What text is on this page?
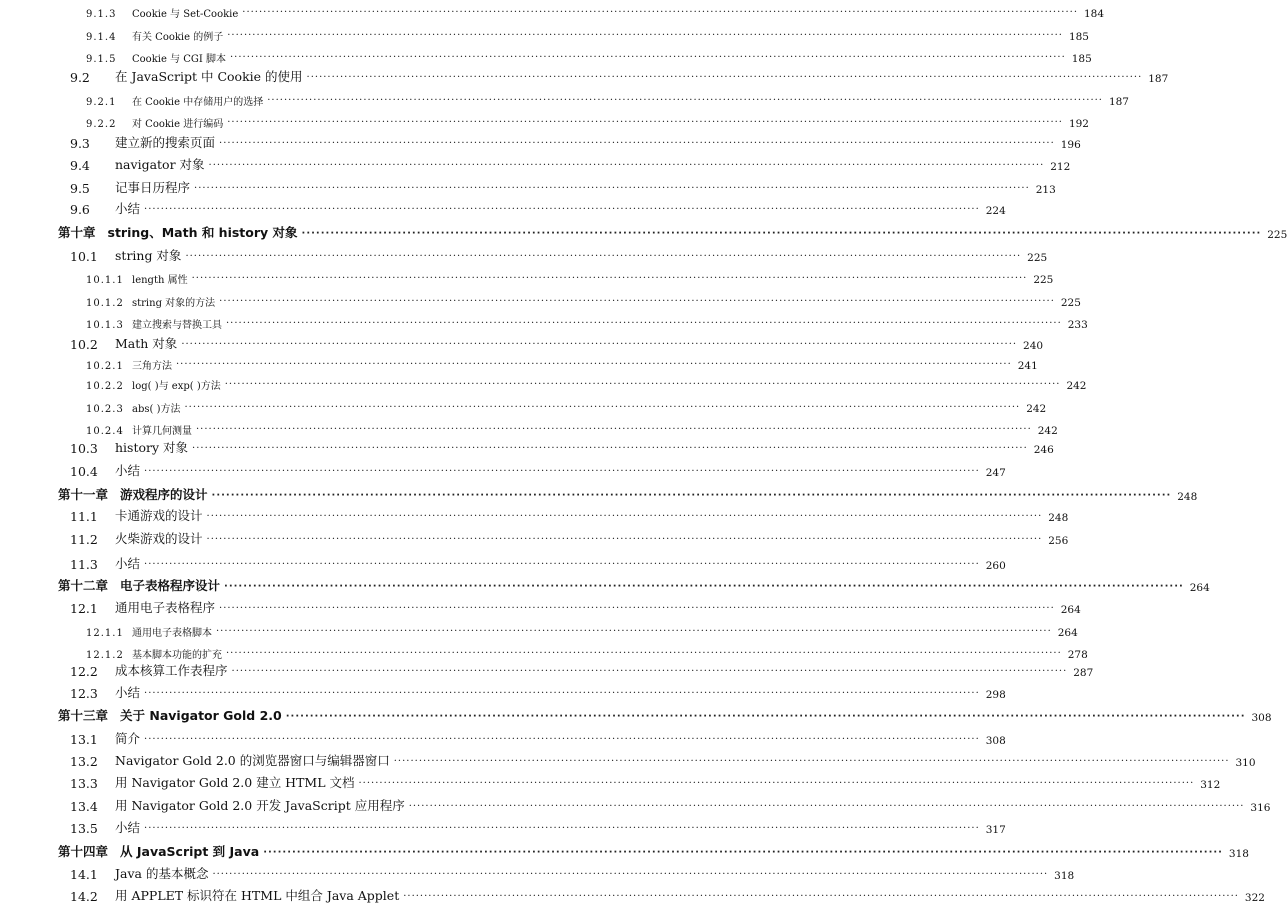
9.1.3	Cookie 与 Set-Cookie ········································································································································································································ 184
9.1.4	有关 Cookie 的例子 ········································································································································································································ 185
9.1.5	Cookie 与 CGI 脚本 ········································································································································································································ 185
9.2	在 JavaScript 中 Cookie 的使用 ········································································································································································································ 187
9.2.1	在 Cookie 中存储用户的选择 ········································································································································································································ 187
9.2.2	对 Cookie 进行编码 ········································································································································································································ 192
9.3	建立新的搜索页面 ········································································································································································································ 196
9.4	navigator 对象 ········································································································································································································ 212
9.5	记事日历程序 ········································································································································································································ 213
9.6	小结 ········································································································································································································ 224
第十章 string、Math 和 history 对象 ········································································································································································································ 225
10.1	string 对象 ········································································································································································································ 225
10.1.1 length 属性 ········································································································································································································ 225
10.1.2 string 对象的方法 ········································································································································································································ 225
10.1.3 建立搜索与替换工具 ········································································································································································································ 233
10.2	Math 对象 ········································································································································································································ 240
10.2.1 三角方法 ········································································································································································································ 241
10.2.2 log( )与 exp( )方法 ········································································································································································································ 242
10.2.3 abs( )方法 ········································································································································································································ 242
10.2.4 计算几何测量 ········································································································································································································ 242
10.3	history 对象 ········································································································································································································ 246
10.4	小结 ········································································································································································································ 247
第十一章 游戏程序的设计 ········································································································································································································ 248
11.1	卡通游戏的设计 ········································································································································································································ 248
11.2	火柴游戏的设计 ········································································································································································································ 256
11.3	小结 ········································································································································································································ 260
第十二章 电子表格程序设计 ········································································································································································································ 264
12.1	通用电子表格程序 ········································································································································································································ 264
12.1.1 通用电子表格脚本 ········································································································································································································ 264
12.1.2 基本脚本功能的扩充 ········································································································································································································ 278
12.2	成本核算工作表程序 ········································································································································································································ 287
12.3	小结 ········································································································································································································ 298
第十三章 关于 Navigator Gold 2.0 ········································································································································································································ 308
13.1	简介 ········································································································································································································ 308
13.2	Navigator Gold 2.0 的浏览器窗口与编辑器窗口 ········································································································································································································ 310
13.3	用 Navigator Gold 2.0 建立 HTML 文档 ········································································································································································································ 312
13.4	用 Navigator Gold 2.0 开发 JavaScript 应用程序 ········································································································································································································ 316
13.5	小结 ········································································································································································································ 317
第十四章 从 JavaScript 到 Java ········································································································································································································ 318
14.1	Java 的基本概念 ········································································································································································································ 318
14.2	用 APPLET 标识符在 HTML 中组合 Java Applet ········································································································································································································ 322
